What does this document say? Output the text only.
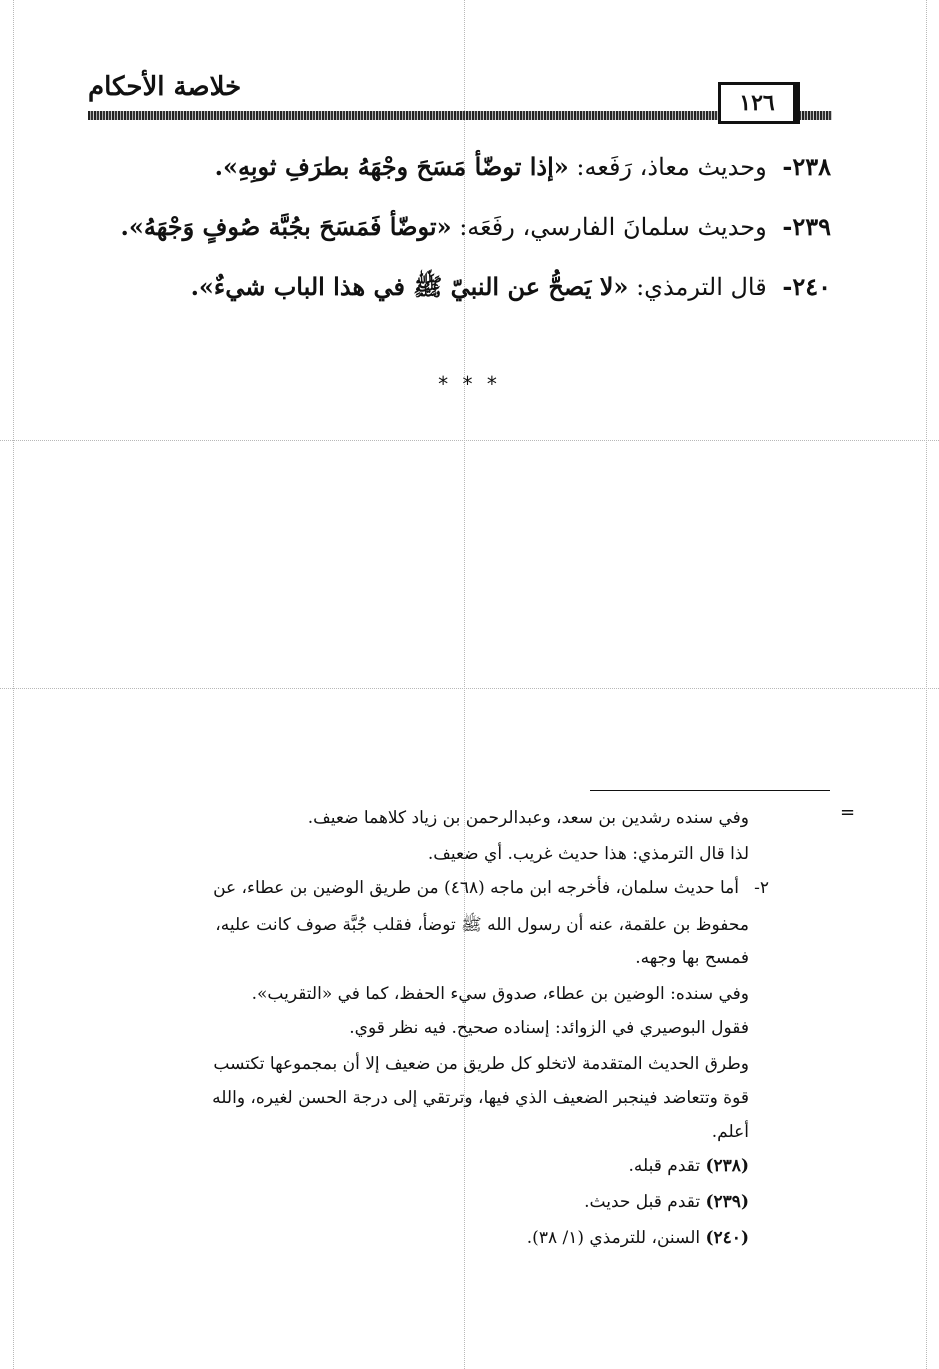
خلاصة الأحكام
١٢٦
٢٣٨- وحديث معاذ، رَفَعه: «إذا توضّأ مَسَحَ وجْهَهُ بطرَفِ ثوبِهِ».
٢٣٩- وحديث سلمانَ الفارسي، رفَعَه: «توضّأ فَمَسَحَ بجُبَّة صُوفٍ وَجْهَهُ».
٢٤٠- قال الترمذي: «لا يَصحُّ عن النبيّ ﷺ في هذا الباب شيءٌ».
* * *
=
وفي سنده رشدين بن سعد، وعبدالرحمن بن زياد كلاهما ضعيف.
لذا قال الترمذي: هذا حديث غريب. أي ضعيف.
٢-
أما حديث سلمان، فأخرجه ابن ماجه (٤٦٨) من طريق الوضين بن عطاء، عن
محفوظ بن علقمة، عنه أن رسول الله ﷺ توضأ، فقلب جُبَّة صوف كانت عليه،
فمسح بها وجهه.
وفي سنده: الوضين بن عطاء، صدوق سيء الحفظ، كما في «التقريب».
فقول البوصيري في الزوائد: إسناده صحيح. فيه نظر قوي.
وطرق الحديث المتقدمة لاتخلو كل طريق من ضعيف إلا أن بمجموعها تكتسب
قوة وتتعاضد فينجبر الضعيف الذي فيها، وترتقي إلى درجة الحسن لغيره، والله
أعلم.
(٢٣٨) تقدم قبله.
(٢٣٩) تقدم قبل حديث.
(٢٤٠) السنن، للترمذي (١/ ٣٨).
